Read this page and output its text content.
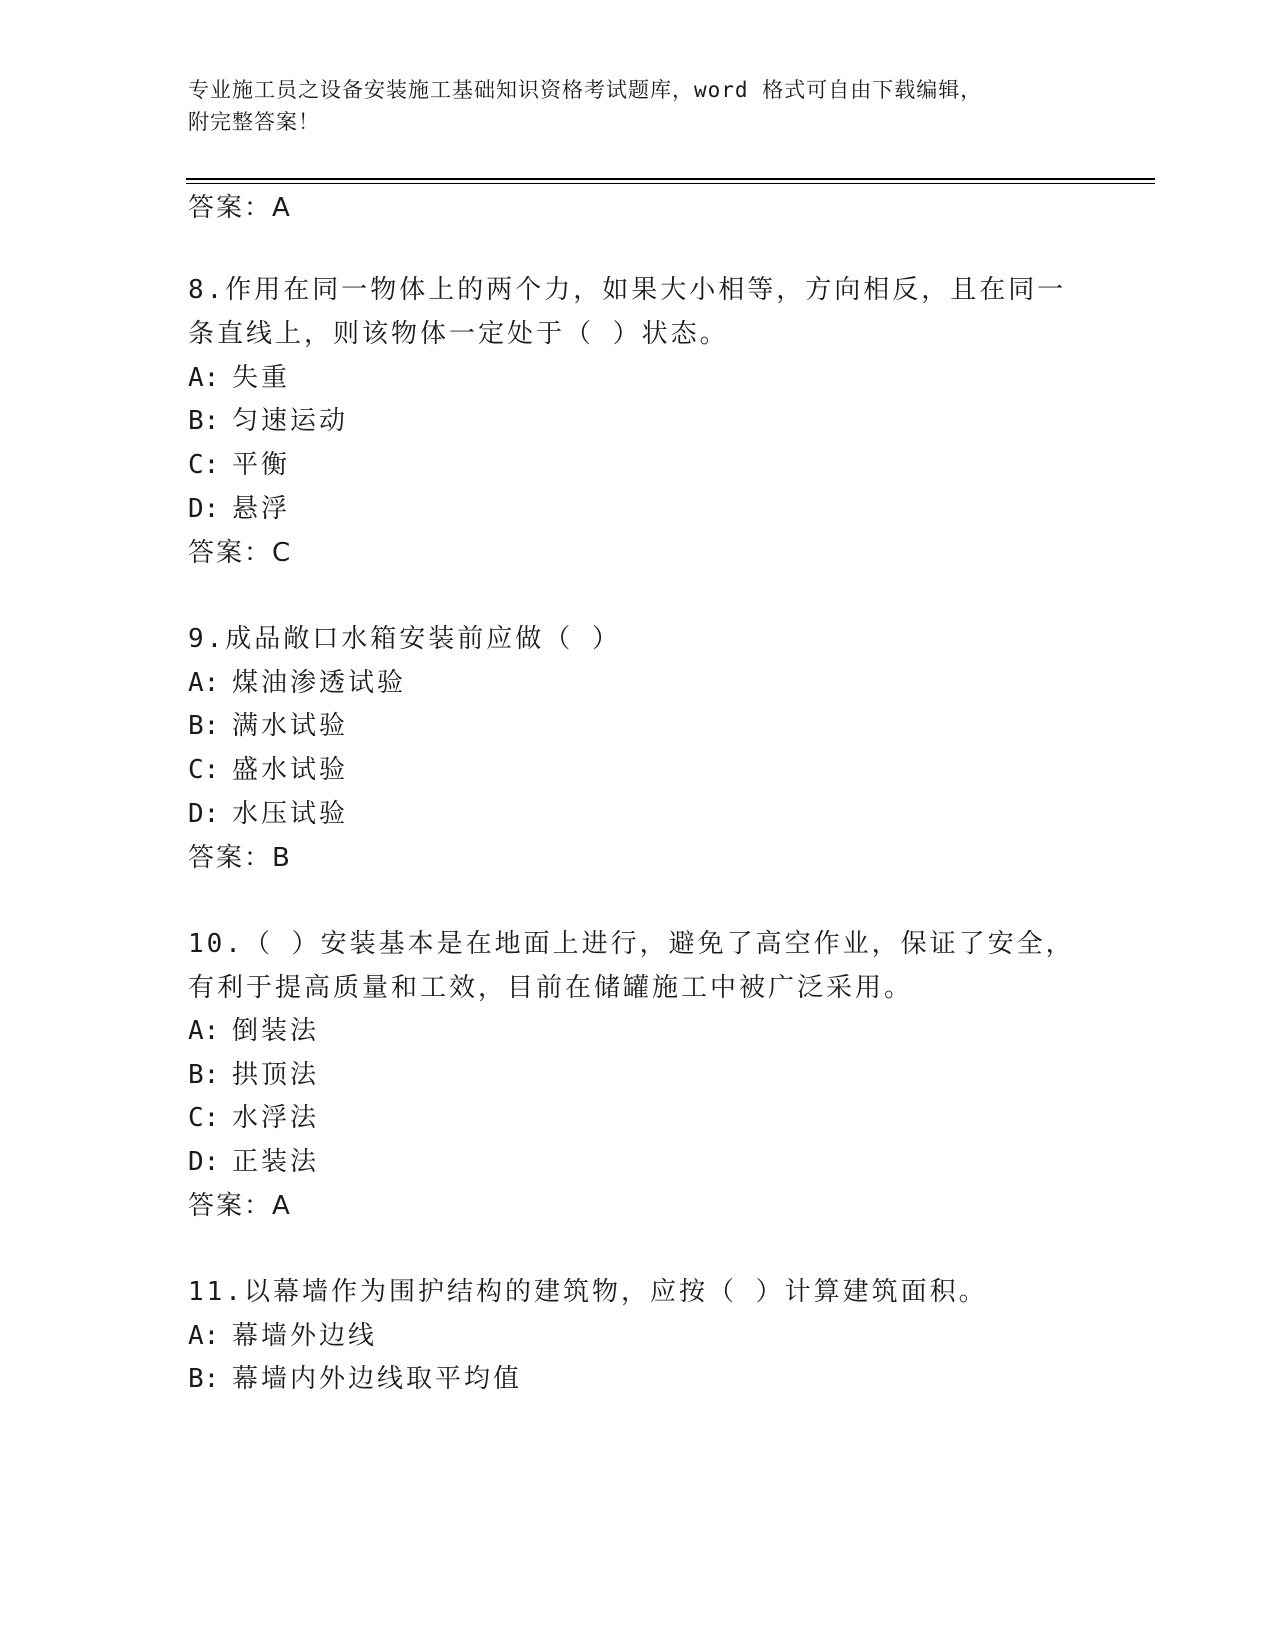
专业施工员之设备安装施工基础知识资格考试题库，word 格式可自由下载编辑，
附完整答案！
答案：A
8.作用在同一物体上的两个力，如果大小相等，方向相反，且在同一
条直线上，则该物体一定处于（ ）状态。
A: 失重
B: 匀速运动
C: 平衡
D: 悬浮
答案：C
9.成品敞口水箱安装前应做（ ）
A: 煤油渗透试验
B: 满水试验
C: 盛水试验
D: 水压试验
答案：B
10.（ ）安装基本是在地面上进行，避免了高空作业，保证了安全，
有利于提高质量和工效，目前在储罐施工中被广泛采用。
A: 倒装法
B: 拱顶法
C: 水浮法
D: 正装法
答案：A
11.以幕墙作为围护结构的建筑物，应按（ ）计算建筑面积。
A: 幕墙外边线
B: 幕墙内外边线取平均值
